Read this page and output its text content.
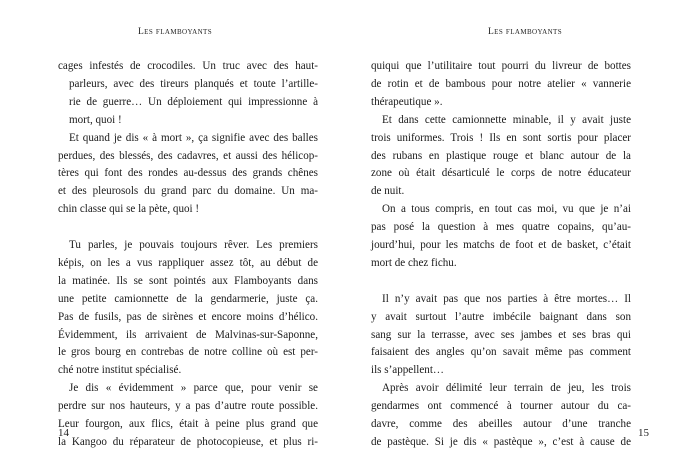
Les flamboyants

cages infestés de crocodiles. Un truc avec des haut-
parleurs, avec des tireurs planqués et toute l’artille-
rie de guerre… Un déploiement qui impressionne à
mort, quoi !

Et quand je dis « à mort », ça signifie avec des balles
perdues, des blessés, des cadavres, et aussi des hélicop-
tères qui font des rondes au-dessus des grands chênes
et des pleurosols du grand parc du domaine. Un ma-
chin classe qui se la pète, quoi !

Tu parles, je pouvais toujours rêver. Les premiers
képis, on les a vus rappliquer assez tôt, au début de
la matinée. Ils se sont pointés aux Flamboyants dans
une petite camionnette de la gendarmerie, juste ça.
Pas de fusils, pas de sirènes et encore moins d’hélico.
Évidemment, ils arrivaient de Malvinas-sur-Saponne,
le gros bourg en contrebas de notre colline où est per-
ché notre institut spécialisé.

Je dis « évidemment » parce que, pour venir se
perdre sur nos hauteurs, y a pas d’autre route possible.
Leur fourgon, aux flics, était à peine plus grand que
la Kangoo du réparateur de photocopieuse, et plus ri-

14
Les flamboyants

quiqui que l’utilitaire tout pourri du livreur de bottes
de rotin et de bambous pour notre atelier « vannerie
thérapeutique ».

Et dans cette camionnette minable, il y avait juste
trois uniformes. Trois ! Ils en sont sortis pour placer
des rubans en plastique rouge et blanc autour de la
zone où était désarticulé le corps de notre éducateur
de nuit.

On a tous compris, en tout cas moi, vu que je n’ai
pas posé la question à mes quatre copains, qu’au-
jourd’hui, pour les matchs de foot et de basket, c’était
mort de chez fichu.

Il n’y avait pas que nos parties à être mortes… Il
y avait surtout l’autre imbécile baignant dans son
sang sur la terrasse, avec ses jambes et ses bras qui
faisaient des angles qu’on savait même pas comment
ils s’appellent…

Après avoir délimité leur terrain de jeu, les trois
gendarmes ont commencé à tourner autour du ca-
davre, comme des abeilles autour d’une tranche
de pastèque. Si je dis « pastèque », c’est à cause de

15
